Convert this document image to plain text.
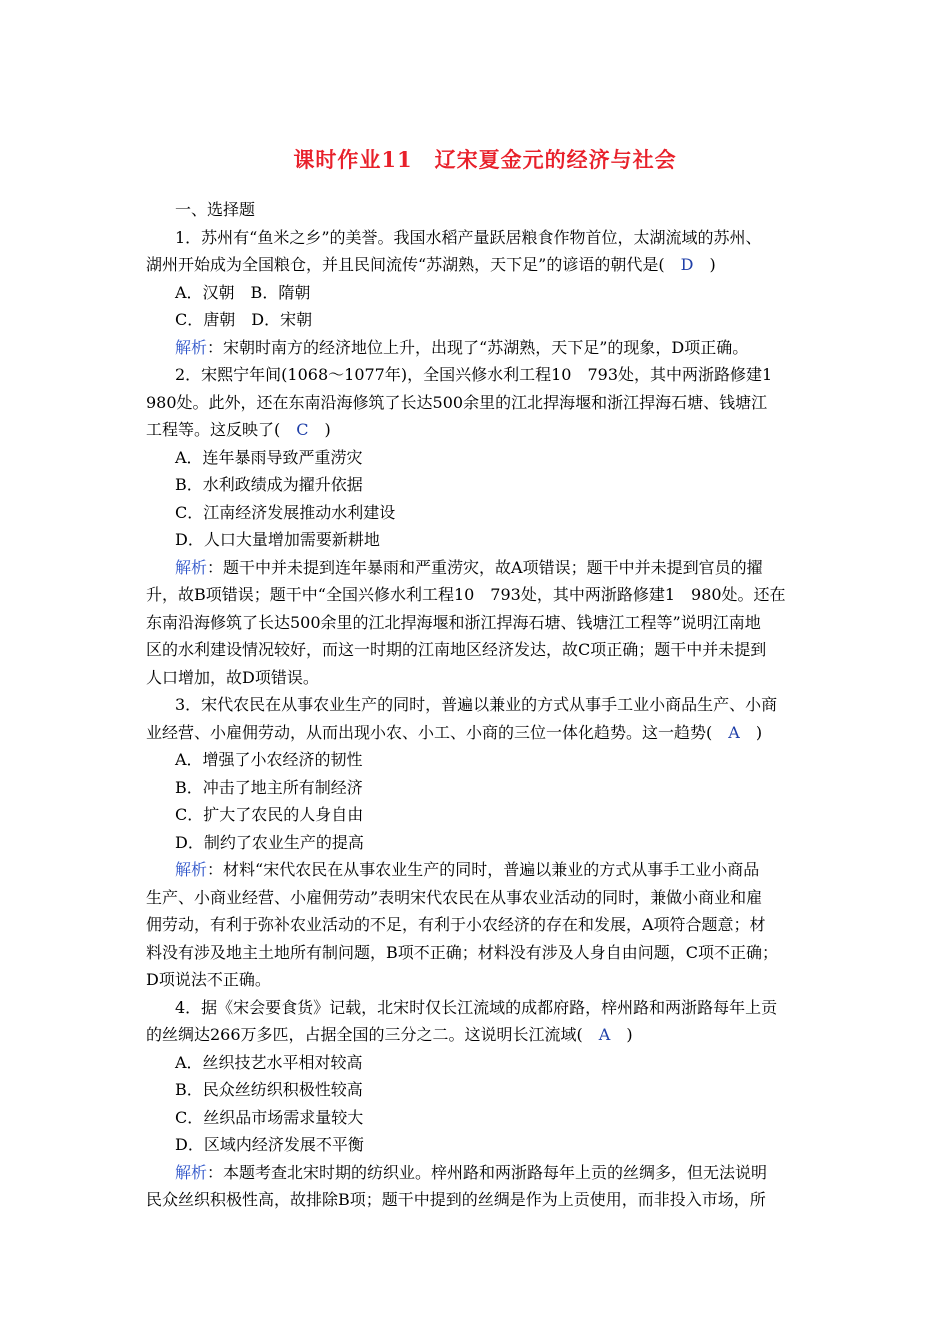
课时作业11　辽宋夏金元的经济与社会
一、选择题
1．苏州有“鱼米之乡”的美誉。我国水稻产量跃居粮食作物首位，太湖流域的苏州、
湖州开始成为全国粮仓，并且民间流传“苏湖熟，天下足”的谚语的朝代是(　D　)
A．汉朝　B．隋朝
C．唐朝　D．宋朝
解析：宋朝时南方的经济地位上升，出现了“苏湖熟，天下足”的现象，D项正确。
2．宋熙宁年间(1068～1077年)，全国兴修水利工程10　793处，其中两浙路修建1
980处。此外，还在东南沿海修筑了长达500余里的江北捍海堰和浙江捍海石塘、钱塘江
工程等。这反映了(　C　)
A．连年暴雨导致严重涝灾
B．水利政绩成为擢升依据
C．江南经济发展推动水利建设
D．人口大量增加需要新耕地
解析：题干中并未提到连年暴雨和严重涝灾，故A项错误；题干中并未提到官员的擢
升，故B项错误；题干中“全国兴修水利工程10　793处，其中两浙路修建1　980处。还在
东南沿海修筑了长达500余里的江北捍海堰和浙江捍海石塘、钱塘江工程等”说明江南地
区的水利建设情况较好，而这一时期的江南地区经济发达，故C项正确；题干中并未提到
人口增加，故D项错误。
3．宋代农民在从事农业生产的同时，普遍以兼业的方式从事手工业小商品生产、小商
业经营、小雇佣劳动，从而出现小农、小工、小商的三位一体化趋势。这一趋势(　A　)
A．增强了小农经济的韧性
B．冲击了地主所有制经济
C．扩大了农民的人身自由
D．制约了农业生产的提高
解析：材料“宋代农民在从事农业生产的同时，普遍以兼业的方式从事手工业小商品
生产、小商业经营、小雇佣劳动”表明宋代农民在从事农业活动的同时，兼做小商业和雇
佣劳动，有利于弥补农业活动的不足，有利于小农经济的存在和发展，A项符合题意；材
料没有涉及地主土地所有制问题，B项不正确；材料没有涉及人身自由问题，C项不正确；
D项说法不正确。
4．据《宋会要食货》记载，北宋时仅长江流域的成都府路，梓州路和两浙路每年上贡
的丝绸达266万多匹，占据全国的三分之二。这说明长江流域(　A　)
A．丝织技艺水平相对较高
B．民众丝纺织积极性较高
C．丝织品市场需求量较大
D．区域内经济发展不平衡
解析：本题考查北宋时期的纺织业。梓州路和两浙路每年上贡的丝绸多，但无法说明
民众丝织积极性高，故排除B项；题干中提到的丝绸是作为上贡使用，而非投入市场，所
